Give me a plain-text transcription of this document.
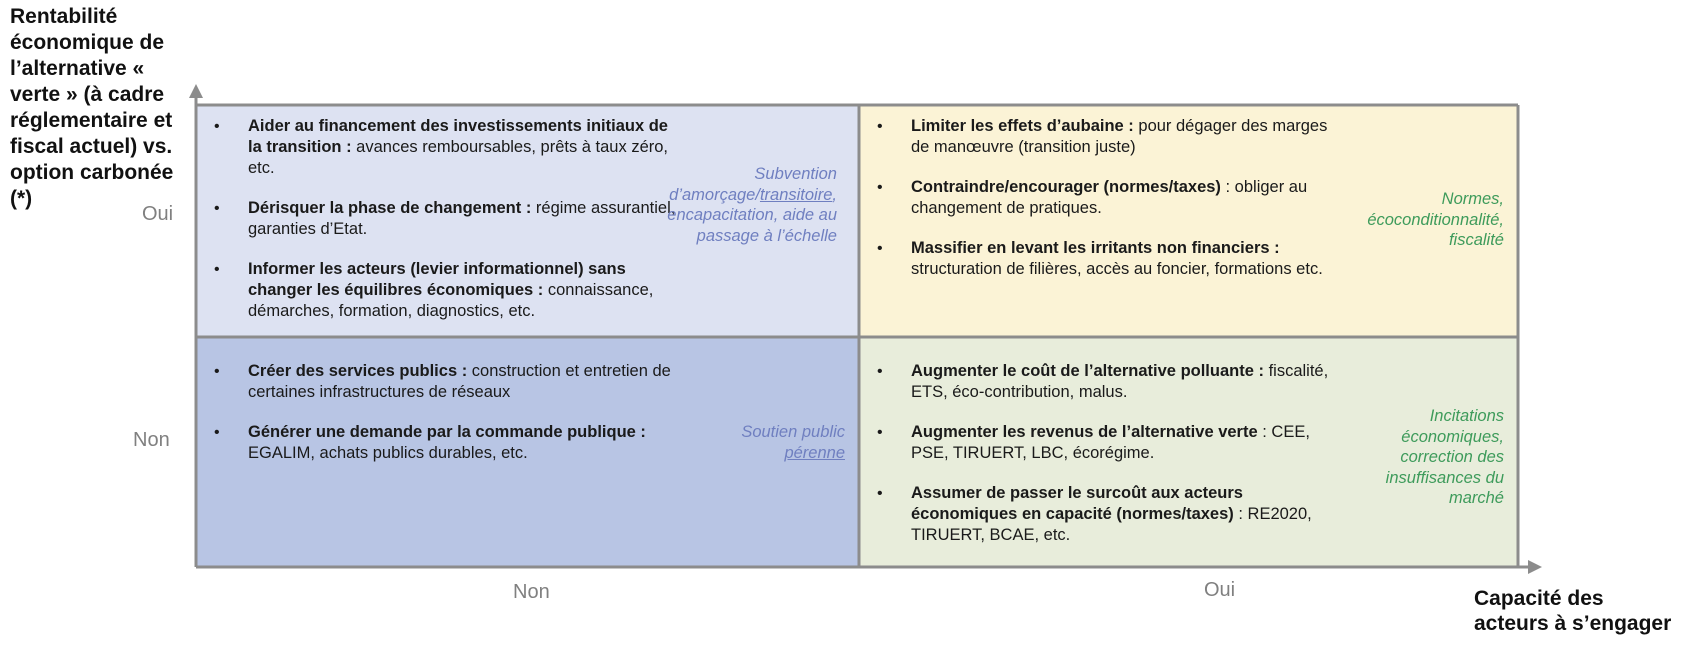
Rentabilité économique de l’alternative « verte » (à cadre réglementaire et fiscal actuel) vs. option carbonée (*)
Capacité des acteurs à s’engager
Oui
Non
Non	Oui
• Aider au financement des investissements initiaux de la transition : avances remboursables, prêts à taux zéro, etc.
• Dérisquer la phase de changement : régime assurantiel, garanties d’Etat.
• Informer les acteurs (levier informationnel) sans changer les équilibres économiques : connaissance, démarches, formation, diagnostics, etc.
Subvention d’amorçage/transitoire, encapacitation, aide au passage à l’échelle
• Limiter les effets d’aubaine : pour dégager des marges de manœuvre (transition juste)
• Contraindre/encourager (normes/taxes) : obliger au changement de pratiques.
• Massifier en levant les irritants non financiers : structuration de filières, accès au foncier, formations etc.
Normes, écoconditionnalité, fiscalité
• Créer des services publics : construction et entretien de certaines infrastructures de réseaux
• Générer une demande par la commande publique : EGALIM, achats publics durables, etc.
Soutien public pérenne
• Augmenter le coût de l’alternative polluante : fiscalité, ETS, éco-contribution, malus.
• Augmenter les revenus de l’alternative verte : CEE, PSE, TIRUERT, LBC, écorégime.
• Assumer de passer le surcoût aux acteurs économiques en capacité (normes/taxes) : RE2020, TIRUERT, BCAE, etc.
Incitations économiques, correction des insuffisances du marché
